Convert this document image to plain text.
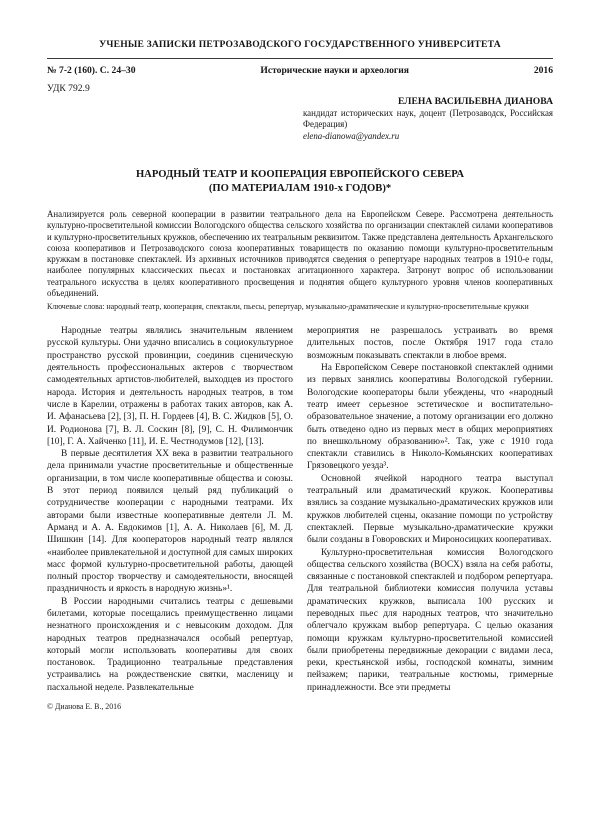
УЧЕНЫЕ ЗАПИСКИ ПЕТРОЗАВОДСКОГО ГОСУДАРСТВЕННОГО УНИВЕРСИТЕТА
№ 7-2 (160). С. 24–30	Исторические науки и археология	2016
УДК 792.9
ЕЛЕНА ВАСИЛЬЕВНА ДИАНОВА
кандидат исторических наук, доцент (Петрозаводск, Российская Федерация)
elena-dianowa@yandex.ru
НАРОДНЫЙ ТЕАТР И КООПЕРАЦИЯ ЕВРОПЕЙСКОГО СЕВЕРА
(ПО МАТЕРИАЛАМ 1910-х ГОДОВ)*
Анализируется роль северной кооперации в развитии театрального дела на Европейском Севере. Рассмотрена деятельность культурно-просветительной комиссии Вологодского общества сельского хозяйства по организации спектаклей силами кооперативов и культурно-просветительных кружков, обеспечению их театральным реквизитом. Также представлена деятельность Архангельского союза кооперативов и Петрозаводского союза кооперативных товариществ по оказанию помощи культурно-просветительным кружкам в постановке спектаклей. Из архивных источников приводятся сведения о репертуаре народных театров в 1910-е годы, наиболее популярных классических пьесах и постановках агитационного характера. Затронут вопрос об использовании театрального искусства в целях кооперативного просвещения и поднятия общего культурного уровня членов кооперативных объединений.
Ключевые слова: народный театр, кооперация, спектакли, пьесы, репертуар, музыкально-драматические и культурно-просветительные кружки

Народные театры являлись значительным явлением русской культуры. Они удачно вписались в социокультурное пространство русской провинции, соединив сценическую деятельность профессиональных актеров с творчеством самодеятельных артистов-любителей, выходцев из простого народа. История и деятельность народных театров, в том числе в Карелии, отражены в работах таких авторов, как А. И. Афанасьева [2], [3], П. Н. Гордеев [4], В. С. Жидков [5], О. И. Родионова [7], В. Л. Соскин [8], [9], С. Н. Филимончик [10], Г. А. Хайченко [11], И. Е. Честнодумов [12], [13].

В первые десятилетия XX века в развитии театрального дела принимали участие просветительные и общественные организации, в том числе кооперативные общества и союзы. В этот период появился целый ряд публикаций о сотрудничестве кооперации с народными театрами. Их авторами были известные кооперативные деятели Л. М. Арманд и А. А. Евдокимов [1], А. А. Николаев [6], М. Д. Шишкин [14]. Для кооператоров народный театр являлся «наиболее привлекательной и доступной для самых широких масс формой культурно-просветительной работы, дающей полный простор творчеству и самодеятельности, вносящей праздничность и яркость в народную жизнь»¹.

В России народными считались театры с дешевыми билетами, которые посещались преимущественно лицами незнатного происхождения и с невысоким доходом. Для народных театров предназначался особый репертуар, который могли использовать кооперативы для своих постановок. Традиционно театральные представления устраивались на рождественские святки, масленицу и пасхальной неделе. Развлекательные

мероприятия не разрешалось устраивать во время длительных постов, после Октября 1917 года стало возможным показывать спектакли в любое время.

На Европейском Севере постановкой спектаклей одними из первых занялись кооперативы Вологодской губернии. Вологодские кооператоры были убеждены, что «народный театр имеет серьезное эстетическое и воспитательно-образовательное значение, а потому организации его должно быть отведено одно из первых мест в общих мероприятиях по внешкольному образованию»². Так, уже с 1910 года спектакли ставились в Николо-Комьянских кооперативах Грязовецкого уезда³.

Основной ячейкой народного театра выступал театральный или драматический кружок. Кооперативы взялись за создание музыкально-драматических кружков или кружков любителей сцены, оказание помощи по устройству спектаклей. Первые музыкально-драматические кружки были созданы в Говоровских и Мироносицких кооперативах.

Культурно-просветительная комиссия Вологодского общества сельского хозяйства (ВОСХ) взяла на себя работы, связанные с постановкой спектаклей и подбором репертуара. Для театральной библиотеки комиссия получила уставы драматических кружков, выписала 100 русских и переводных пьес для народных театров, что значительно облегчало кружкам выбор репертуара. С целью оказания помощи кружкам культурно-просветительной комиссией были приобретены передвижные декорации с видами леса, реки, крестьянской избы, господской комнаты, зимним пейзажем; парики, театральные костюмы, гримерные принадлежности. Все эти предметы

© Дианова Е. В., 2016
